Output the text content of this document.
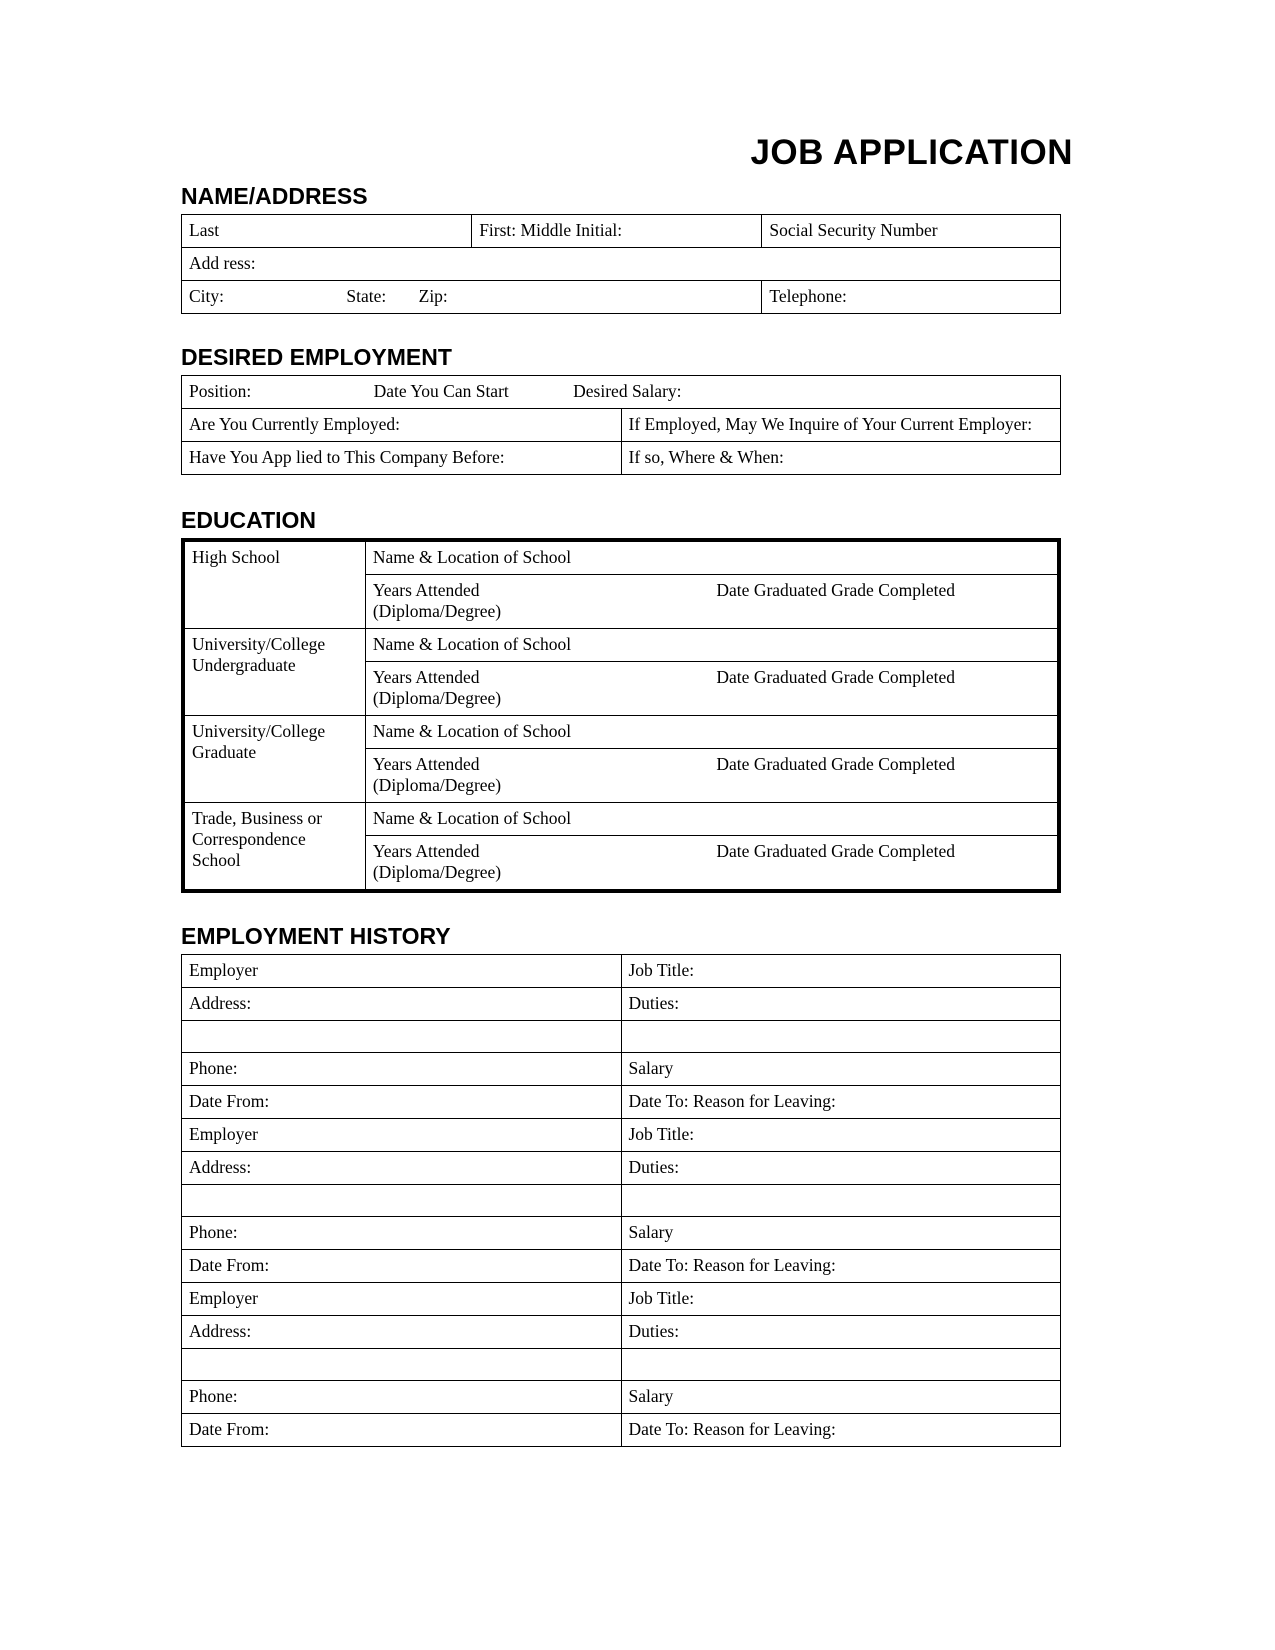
JOB APPLICATION
NAME/ADDRESS
Last	First: Middle Initial:	Social Security Number
Add ress:		
City: State: Zip:		Telephone:
DESIRED EMPLOYMENT
Position: Date You Can Start Desired Salary:	
Are You Currently Employed:	If Employed, May We Inquire of Your Current Employer:
Have You App lied to This Company Before:	If so, Where & When:
EDUCATION
High School	Name & Location of School

	Years Attended Date Graduated Grade Completed
(Diploma/Degree)

University/College Undergraduate	Name & Location of School

	Years Attended Date Graduated Grade Completed
(Diploma/Degree)

University/College Graduate	Name & Location of School

	Years Attended Date Graduated Grade Completed
(Diploma/Degree)

Trade, Business or Correspondence School	Name & Location of School

	Years Attended Date Graduated Grade Completed
(Diploma/Degree)
EMPLOYMENT HISTORY
Employer	Job Title:
Address:	Duties:

Phone:	Salary
Date From:	Date To: Reason for Leaving:
Employer	Job Title:
Address:	Duties:

Phone:	Salary
Date From:	Date To: Reason for Leaving:
Employer	Job Title:
Address:	Duties:

Phone:	Salary
Date From:	Date To: Reason for Leaving:
